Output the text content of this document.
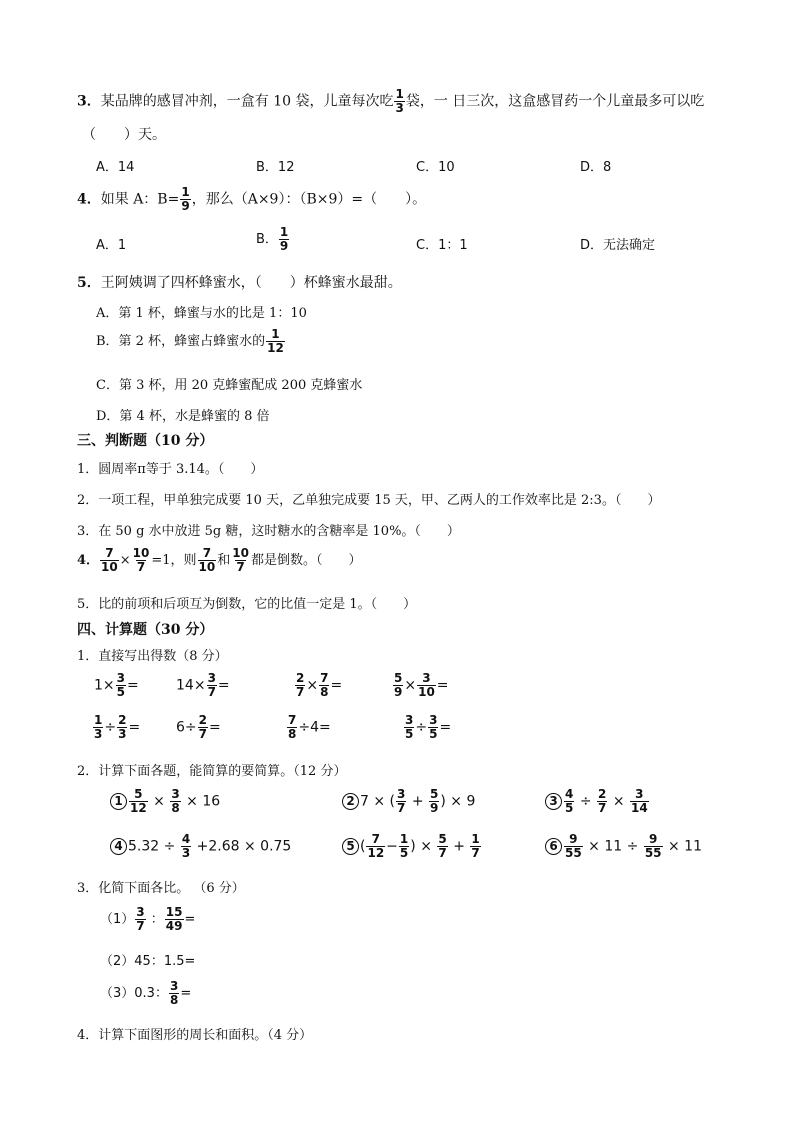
3．某品牌的感冒冲剂，一盒有 10 袋，儿童每次吃 $\frac{1}{3}$ 袋，一 日三次，这盒感冒药一个儿童最多可以吃
（　　）天。
A．14	B．12	C．10	D．8
4．如果 A：$B= \frac{1}{9}$ ，那么（A×9）：（B×9）=（　　）。
A．1	B． $\frac{1}{9}$	C．1：1	D．无法确定
5．王阿姨调了四杯蜂蜜水，（　　）杯蜂蜜水最甜。
A．第 1 杯，蜂蜜与水的比是 1：10
B．第 2 杯，蜂蜜占蜂蜜水的 $\frac{1}{12}$
C．第 3 杯，用 20 克蜂蜜配成 200 克蜂蜜水
D．第 4 杯，水是蜂蜜的 8 倍
三、判断题（10 分）
1．圆周率π等于 3.14。（　　）
2．一项工程，甲单独完成要 10 天，乙单独完成要 15 天，甲、乙两人的工作效率比是 2:3。（　　）
3．在 50 g 水中放进 5g 糖，这时糖水的含糖率是 10%。（　　）
4． $\frac{7}{10} \times \frac{10}{7} =1$，则 $\frac{7}{10}$ 和 $\frac{10}{7}$ 都是倒数。（　　）
5．比的前项和后项互为倒数，它的比值一定是 1。（　　）
四、计算题（30 分）
1．直接写出得数（8 分）
$1\times \frac{3}{5}$ =	$14\times \frac{3}{7}$ =	$\frac{2}{7} \times \frac{7}{8}$ =	$\frac{5}{9} \times \frac{3}{10}$ =
$\frac{1}{3} \div \frac{2}{3}$ =	$6\div \frac{2}{7}$ =	$\frac{7}{8} \div 4=$	$\frac{3}{5} \div \frac{3}{5}$ =
2．计算下面各题，能简算的要简算。（12 分）
$1 \frac{5}{12} \times \frac{3}{8} \times 16$	2 7 × ( $\frac{3}{7} + \frac{5}{9}$ ) × 9	$3 \frac{4}{5} \div \frac{2}{7} \times \frac{3}{14}$
4 $5.32 \div \frac{4}{3} +2.68 \times 0.75$	5 ( $\frac{7}{12} - \frac{1}{5}$ ) × $\frac{5}{7} + \frac{1}{7}$	$6 \frac{9}{55} \times 11 \div \frac{9}{55} \times 11$
3．化简下面各比。 （6 分）
$(1) \frac{3}{7}$ ： $\frac{15}{49}$ =
（2）45：1.5=
（3）0.3： $\frac{3}{8}$ =
4．计算下面图形的周长和面积。（4 分）
